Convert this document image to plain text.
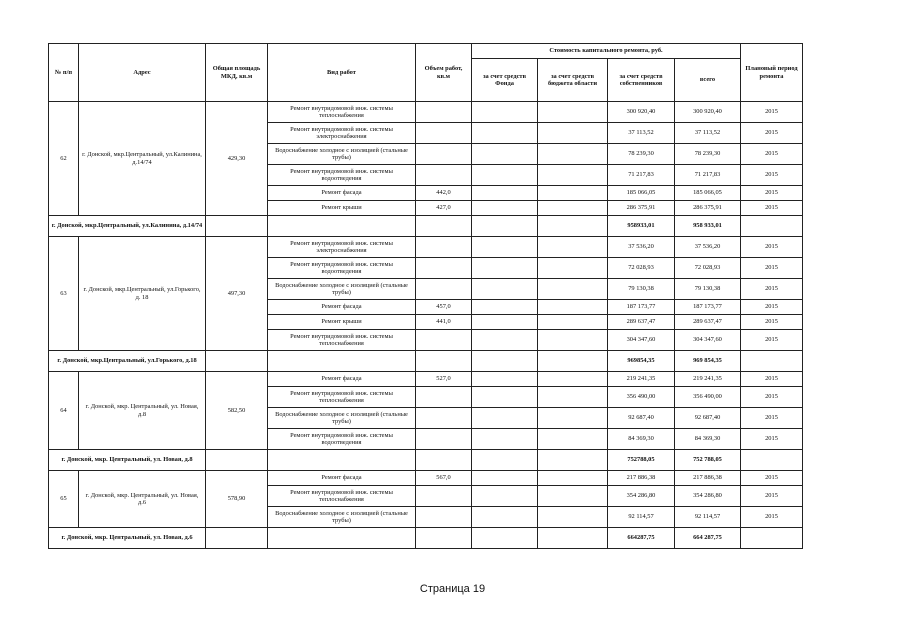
№ п/п	Адрес	Общая площадь МКД, кв.м	Вид работ	Объем работ, кв.м	Стоимость капитального ремонта, руб.				Плановый период ремонта
					за счет средств Фонда	за счет средств бюджета области	за счет средств собственников	всего	
62	г. Донской, мкр.Центральный, ул.Калинина, д.14/74	429,30	Ремонт внутридомовой инж. системы теплоснабжения				300 920,40	300 920,40	2015
			Ремонт внутридомовой инж. системы электроснабжения				37 113,52	37 113,52	2015
			Водоснабжение холодное с изоляцией (стальные трубы)				78 239,30	78 239,30	2015
			Ремонт внутридомовой инж. системы водоотведения				71 217,83	71 217,83	2015
			Ремонт фасада	442,0			185 066,05	185 066,05	2015
			Ремонт крыши	427,0			286 375,91	286 375,91	2015
г. Донской, мкр.Центральный, ул.Калинина, д.14/74							958933,01	958 933,01	
63	г. Донской, мкр.Центральный, ул.Горького, д. 18	497,30	Ремонт внутридомовой инж. системы электроснабжения				37 536,20	37 536,20	2015
			Ремонт внутридомовой инж. системы водоотведения				72 028,93	72 028,93	2015
			Водоснабжение холодное с изоляцией (стальные трубы)				79 130,38	79 130,38	2015
			Ремонт фасада	457,0			187 173,77	187 173,77	2015
			Ремонт крыши	441,0			289 637,47	289 637,47	2015
			Ремонт внутридомовой инж. системы теплоснабжения				304 347,60	304 347,60	2015
г. Донской, мкр.Центральный, ул.Горького, д.18							969854,35	969 854,35	
64	г. Донской, мкр. Центральный, ул. Новая, д.8	582,50	Ремонт фасада	527,0			219 241,35	219 241,35	2015
			Ремонт внутридомовой инж. системы теплоснабжения				356 490,00	356 490,00	2015
			Водоснабжение холодное с изоляцией (стальные трубы)				92 687,40	92 687,40	2015
			Ремонт внутридомовой инж. системы водоотведения				84 369,30	84 369,30	2015
г. Донской, мкр. Центральный, ул. Новая, д.8							752788,05	752 788,05	
65	г. Донской, мкр. Центральный, ул. Новая, д.6	578,90	Ремонт фасада	567,0			217 886,38	217 886,38	2015
			Ремонт внутридомовой инж. системы теплоснабжения				354 286,80	354 286,80	2015
			Водоснабжение холодное с изоляцией (стальные трубы)				92 114,57	92 114,57	2015
г. Донской, мкр. Центральный, ул. Новая, д.6							664287,75	664 287,75	
Страница 19
